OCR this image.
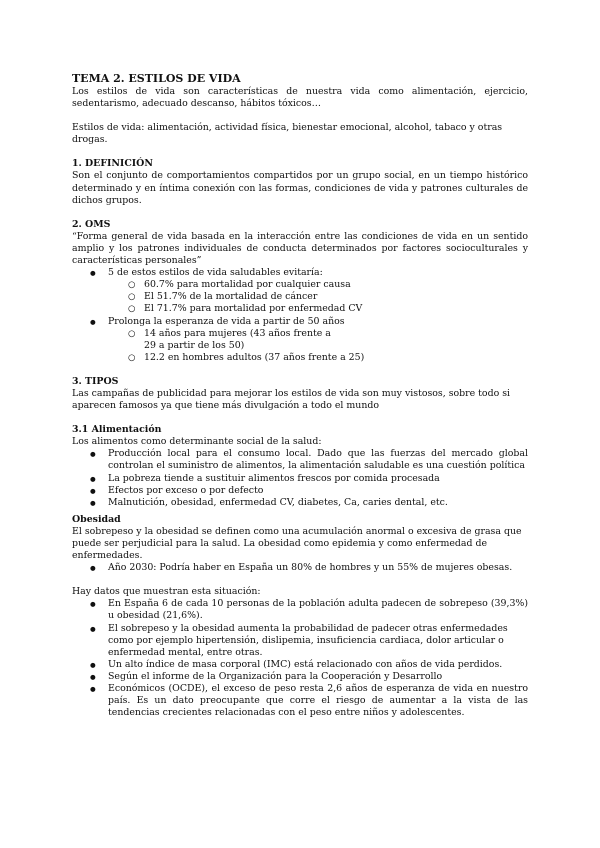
TEMA 2. ESTILOS DE VIDA

Los estilos de vida son características de nuestra vida como alimentación, ejercicio, sedentarismo, adecuado descanso, hábitos tóxicos…

Estilos de vida: alimentación, actividad física, bienestar emocional, alcohol, tabaco y otras drogas.

1. DEFINICIÓN

Son el conjunto de comportamientos compartidos por un grupo social, en un tiempo histórico determinado y en íntima conexión con las formas, condiciones de vida y patrones culturales de dichos grupos.

2. OMS

“Forma general de vida basada en la interacción entre las condiciones de vida en un sentido amplio y los patrones individuales de conducta determinados por factores socioculturales y características personales”

● 5 de estos estilos de vida saludables evitaría:
○ 60.7% para mortalidad por cualquier causa
○ El 51.7% de la mortalidad de cáncer
○ El 71.7% para mortalidad por enfermedad CV
● Prolonga la esperanza de vida a partir de 50 años
○ 14 años para mujeres (43 años frente a 29 a partir de los 50)
○ 12.2 en hombres adultos (37 años frente a 25)

3. TIPOS

Las campañas de publicidad para mejorar los estilos de vida son muy vistosos, sobre todo si aparecen famosos ya que tiene más divulgación a todo el mundo

3.1 Alimentación

Los alimentos como determinante social de la salud:

● Producción local para el consumo local. Dado que las fuerzas del mercado global controlan el suministro de alimentos, la alimentación saludable es una cuestión política
● La pobreza tiende a sustituir alimentos frescos por comida procesada
● Efectos por exceso o por defecto
● Malnutición, obesidad, enfermedad CV, diabetes, Ca, caries dental, etc.

Obesidad

El sobrepeso y la obesidad se definen como una acumulación anormal o excesiva de grasa que puede ser perjudicial para la salud. La obesidad como epidemia y como enfermedad de enfermedades.

● Año 2030: Podría haber en España un 80% de hombres y un 55% de mujeres obesas.

Hay datos que muestran esta situación:

● En España 6 de cada 10 personas de la población adulta padecen de sobrepeso (39,3%) u obesidad (21,6%).
● El sobrepeso y la obesidad aumenta la probabilidad de padecer otras enfermedades como por ejemplo hipertensión, dislipemia, insuficiencia cardiaca, dolor articular o enfermedad mental, entre otras.
● Un alto índice de masa corporal (IMC) está relacionado con años de vida perdidos.
● Según el informe de la Organización para la Cooperación y Desarrollo
● Económicos (OCDE), el exceso de peso resta 2,6 años de esperanza de vida en nuestro país. Es un dato preocupante que corre el riesgo de aumentar a la vista de las tendencias crecientes relacionadas con el peso entre niños y adolescentes.
